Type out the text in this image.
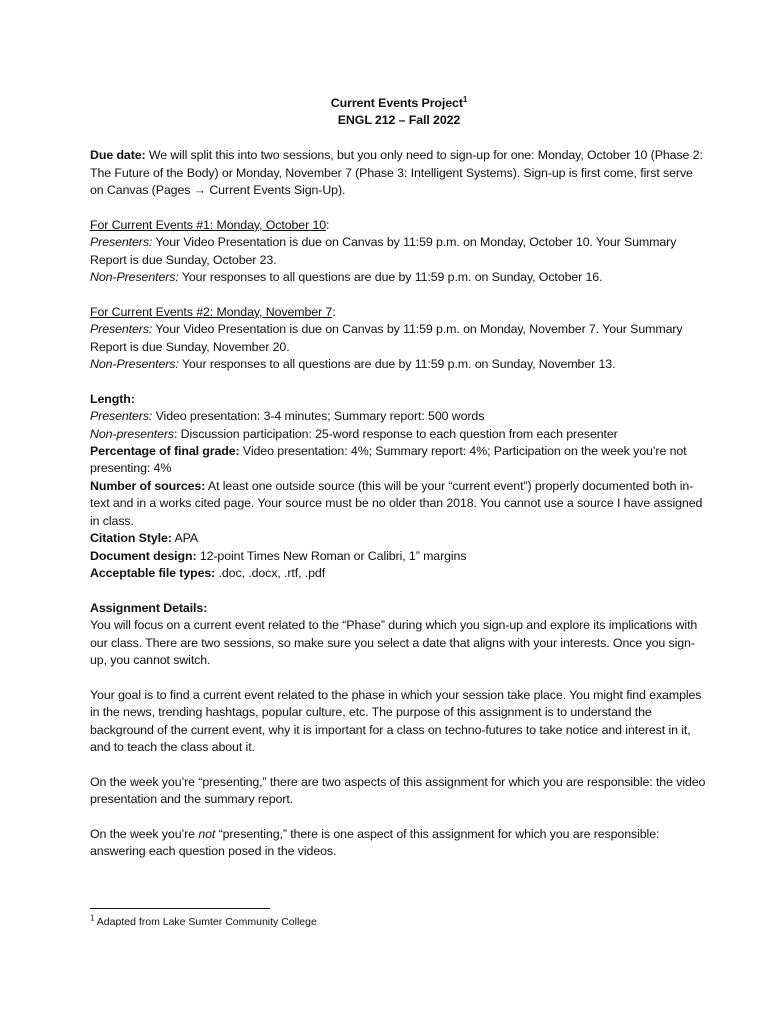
Current Events Project$^1$
ENGL 212 – Fall 2022

Due date: We will split this into two sessions, but you only need to sign-up for one: Monday, October 10 (Phase 2: The Future of the Body) or Monday, November 7 (Phase 3: Intelligent Systems). Sign-up is first come, first serve on Canvas (Pages → Current Events Sign-Up).

For Current Events #1: Monday, October 10:
Presenters: Your Video Presentation is due on Canvas by 11:59 p.m. on Monday, October 10. Your Summary Report is due Sunday, October 23.
Non-Presenters: Your responses to all questions are due by 11:59 p.m. on Sunday, October 16.

For Current Events #2: Monday, November 7:
Presenters: Your Video Presentation is due on Canvas by 11:59 p.m. on Monday, November 7. Your Summary Report is due Sunday, November 20.
Non-Presenters: Your responses to all questions are due by 11:59 p.m. on Sunday, November 13.

Length:
Presenters: Video presentation: 3-4 minutes; Summary report: 500 words
Non-presenters: Discussion participation: 25-word response to each question from each presenter
Percentage of final grade: Video presentation: 4%; Summary report: 4%; Participation on the week you’re not presenting: 4%
Number of sources: At least one outside source (this will be your “current event”) properly documented both in-text and in a works cited page. Your source must be no older than 2018. You cannot use a source I have assigned in class.
Citation Style: APA
Document design: 12-point Times New Roman or Calibri, 1” margins
Acceptable file types: .doc, .docx, .rtf, .pdf

Assignment Details:
You will focus on a current event related to the “Phase” during which you sign-up and explore its implications with our class. There are two sessions, so make sure you select a date that aligns with your interests. Once you sign-up, you cannot switch.

Your goal is to find a current event related to the phase in which your session take place. You might find examples in the news, trending hashtags, popular culture, etc. The purpose of this assignment is to understand the background of the current event, why it is important for a class on techno-futures to take notice and interest in it, and to teach the class about it.

On the week you’re “presenting,” there are two aspects of this assignment for which you are responsible: the video presentation and the summary report.

On the week you’re not “presenting,” there is one aspect of this assignment for which you are responsible: answering each question posed in the videos.

$^1$ Adapted from Lake Sumter Community College
